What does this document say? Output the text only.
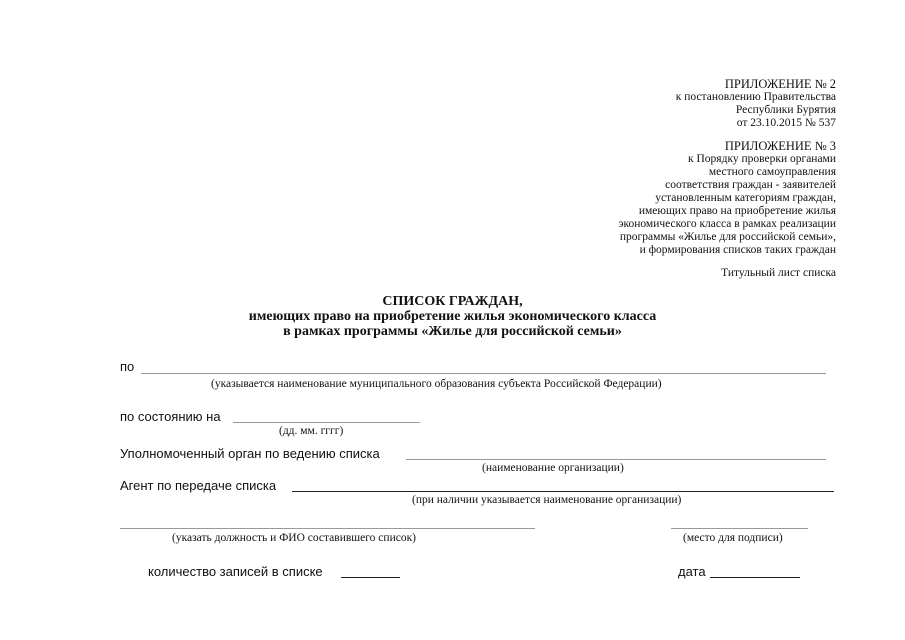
ПРИЛОЖЕНИЕ № 2
к постановлению Правительства
Республики Бурятия
от 23.10.2015 № 537
ПРИЛОЖЕНИЕ № 3
к Порядку проверки органами
местного самоуправления
соответствия граждан - заявителей
установленным категориям граждан,
имеющих право на приобретение жилья
экономического класса в рамках реализации
программы «Жилье для российской семьи»,
и формирования списков таких граждан
Титульный лист списка
СПИСОК ГРАЖДАН,
имеющих право на приобретение жилья экономического класса
в рамках программы «Жилье для российской семьи»
по
(указывается наименование муниципального образования субъекта Российской Федерации)
по состоянию на
(дд. мм. гггг)
Уполномоченный орган по ведению списка
(наименование организации)
Агент по передаче списка
(при наличии указывается наименование организации)
(указать должность и ФИО составившего список)	(место для подписи)
количество записей в списке	дата
